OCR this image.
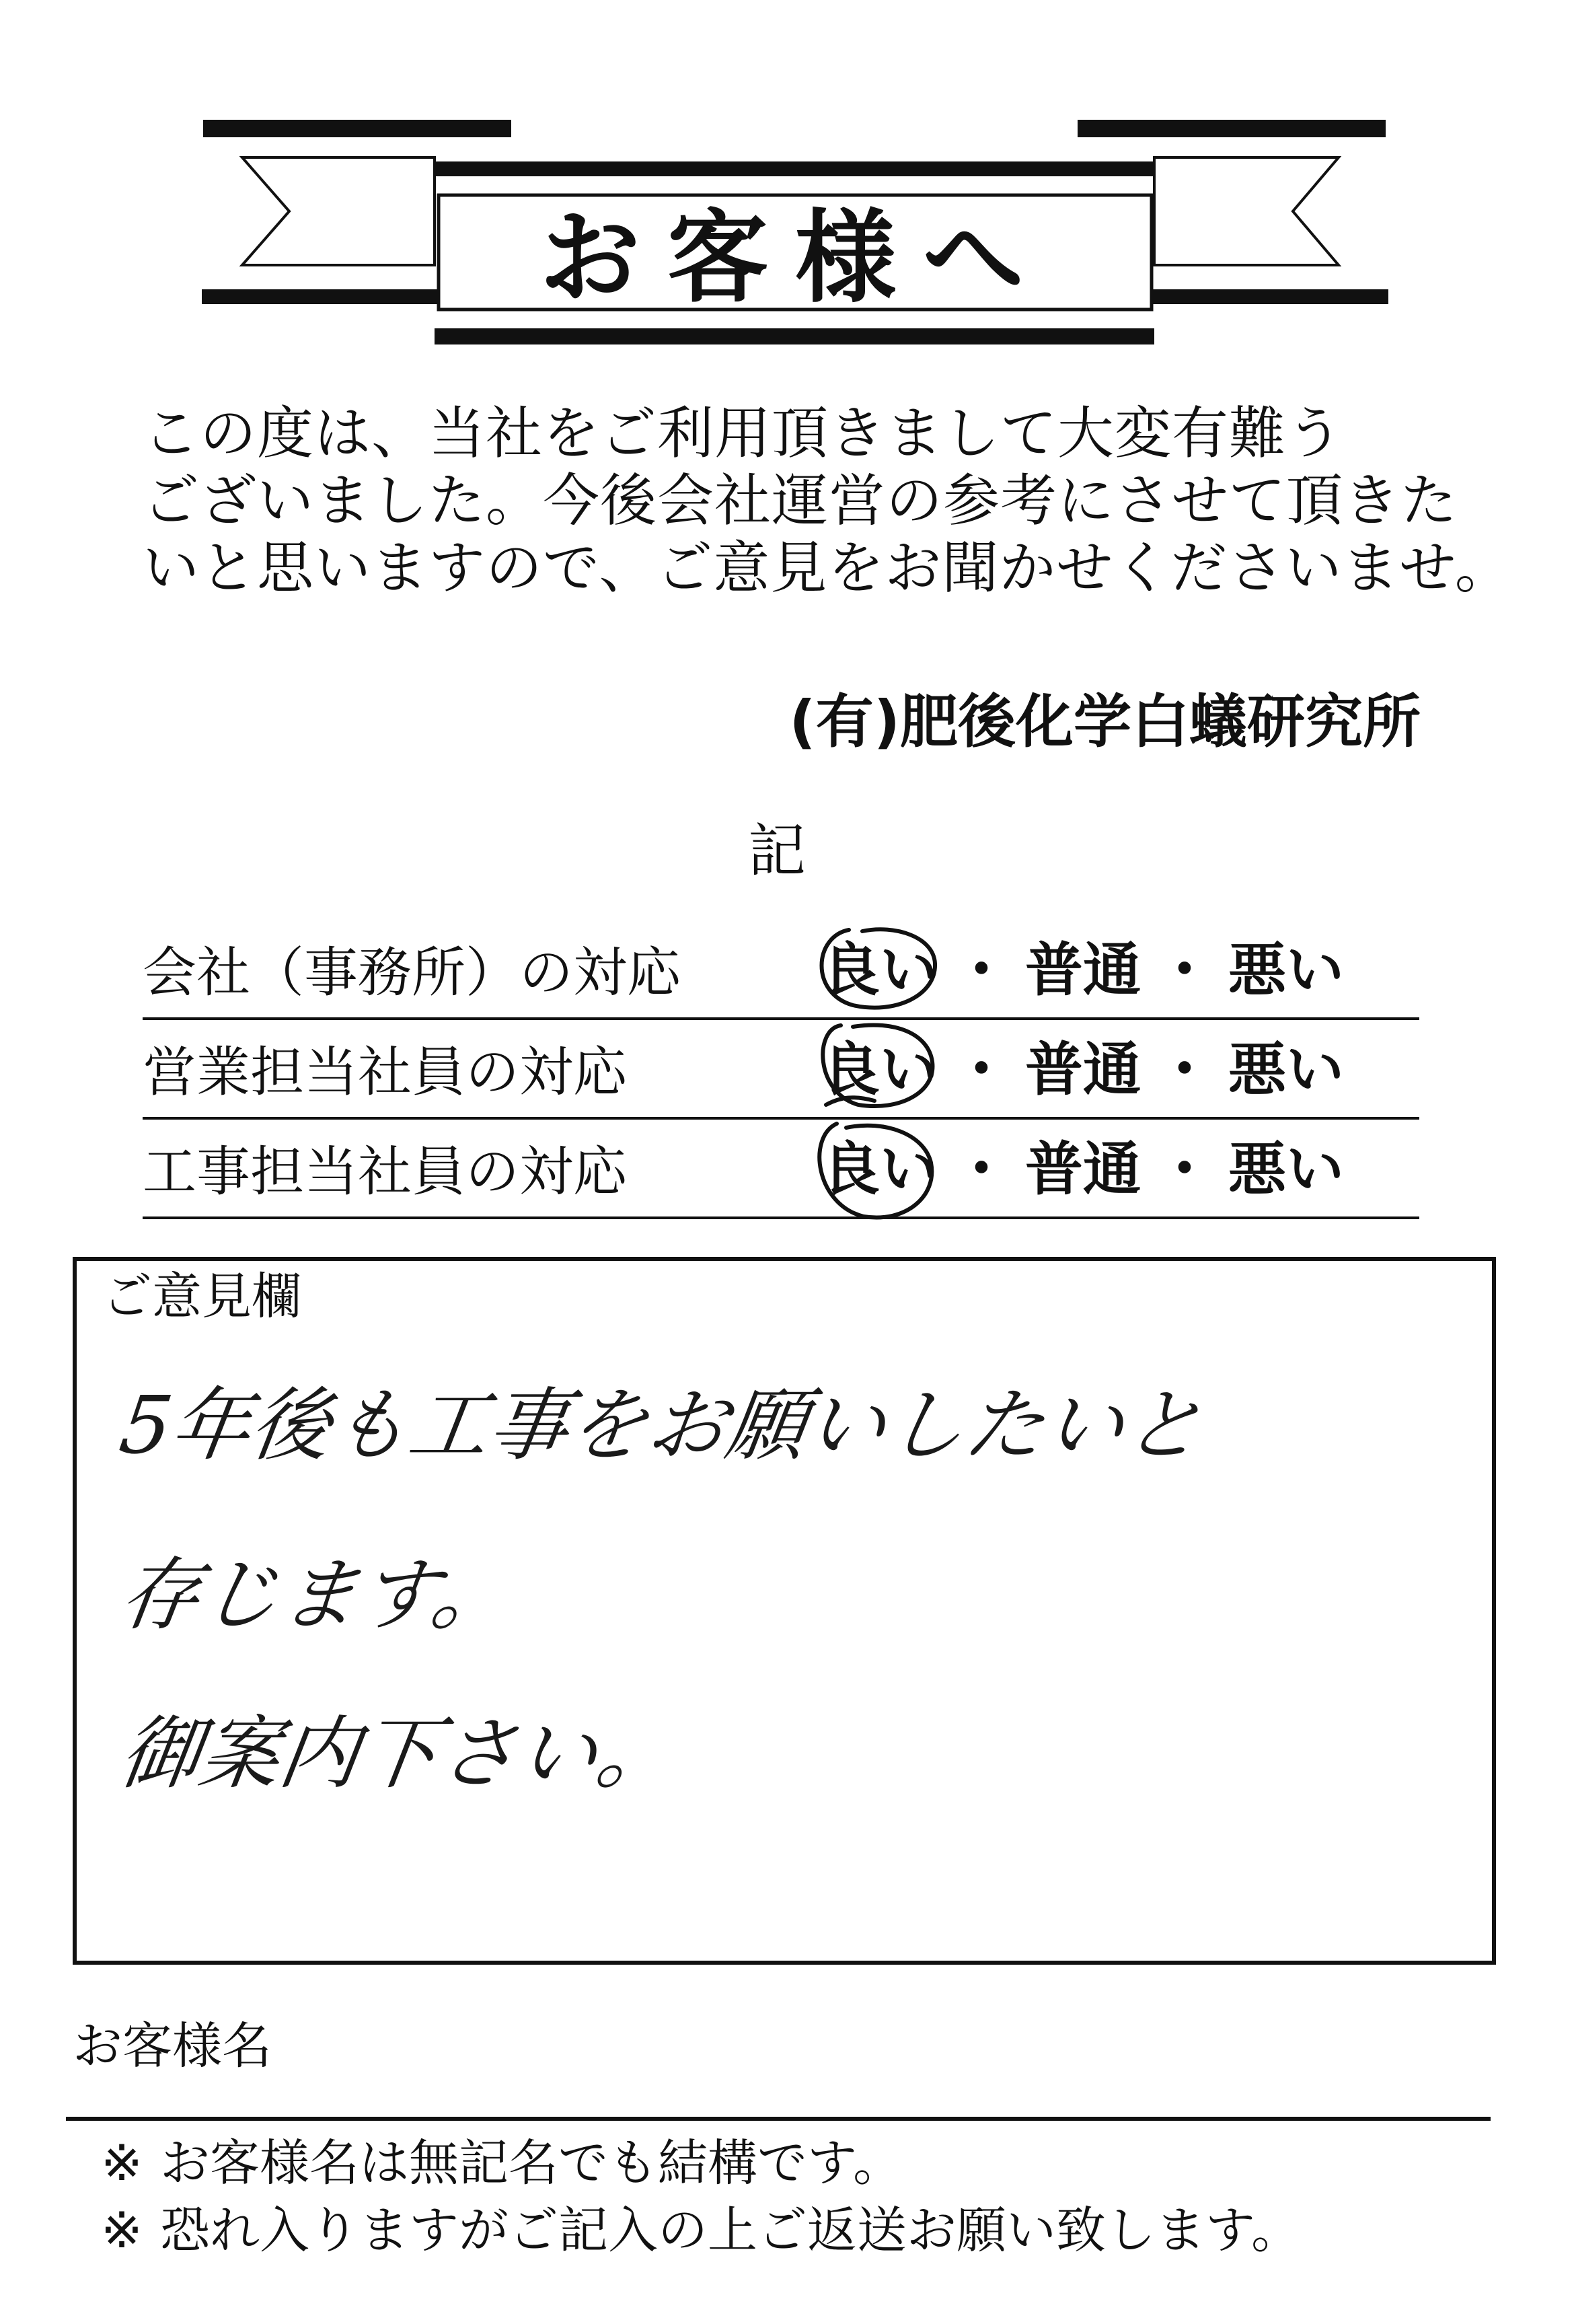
お客様へ
この度は、当社をご利用頂きまして大変有難う
ございました。今後会社運営の参考にさせて頂きた
いと思いますので、ご意見をお聞かせくださいませ。
(有)肥後化学白蟻研究所
記
会社（事務所）の対応 良い ・ 普通 ・ 悪い
営業担当社員の対応	良い ・ 普通 ・ 悪い
工事担当社員の対応	良い ・ 普通 ・ 悪い
ご意見欄
5年後も工事をお願いしたいと
存じます。
御案内下さい。
お客様名
※ お客様名は無記名でも結構です。
※ 恐れ入りますがご記入の上ご返送お願い致します。
